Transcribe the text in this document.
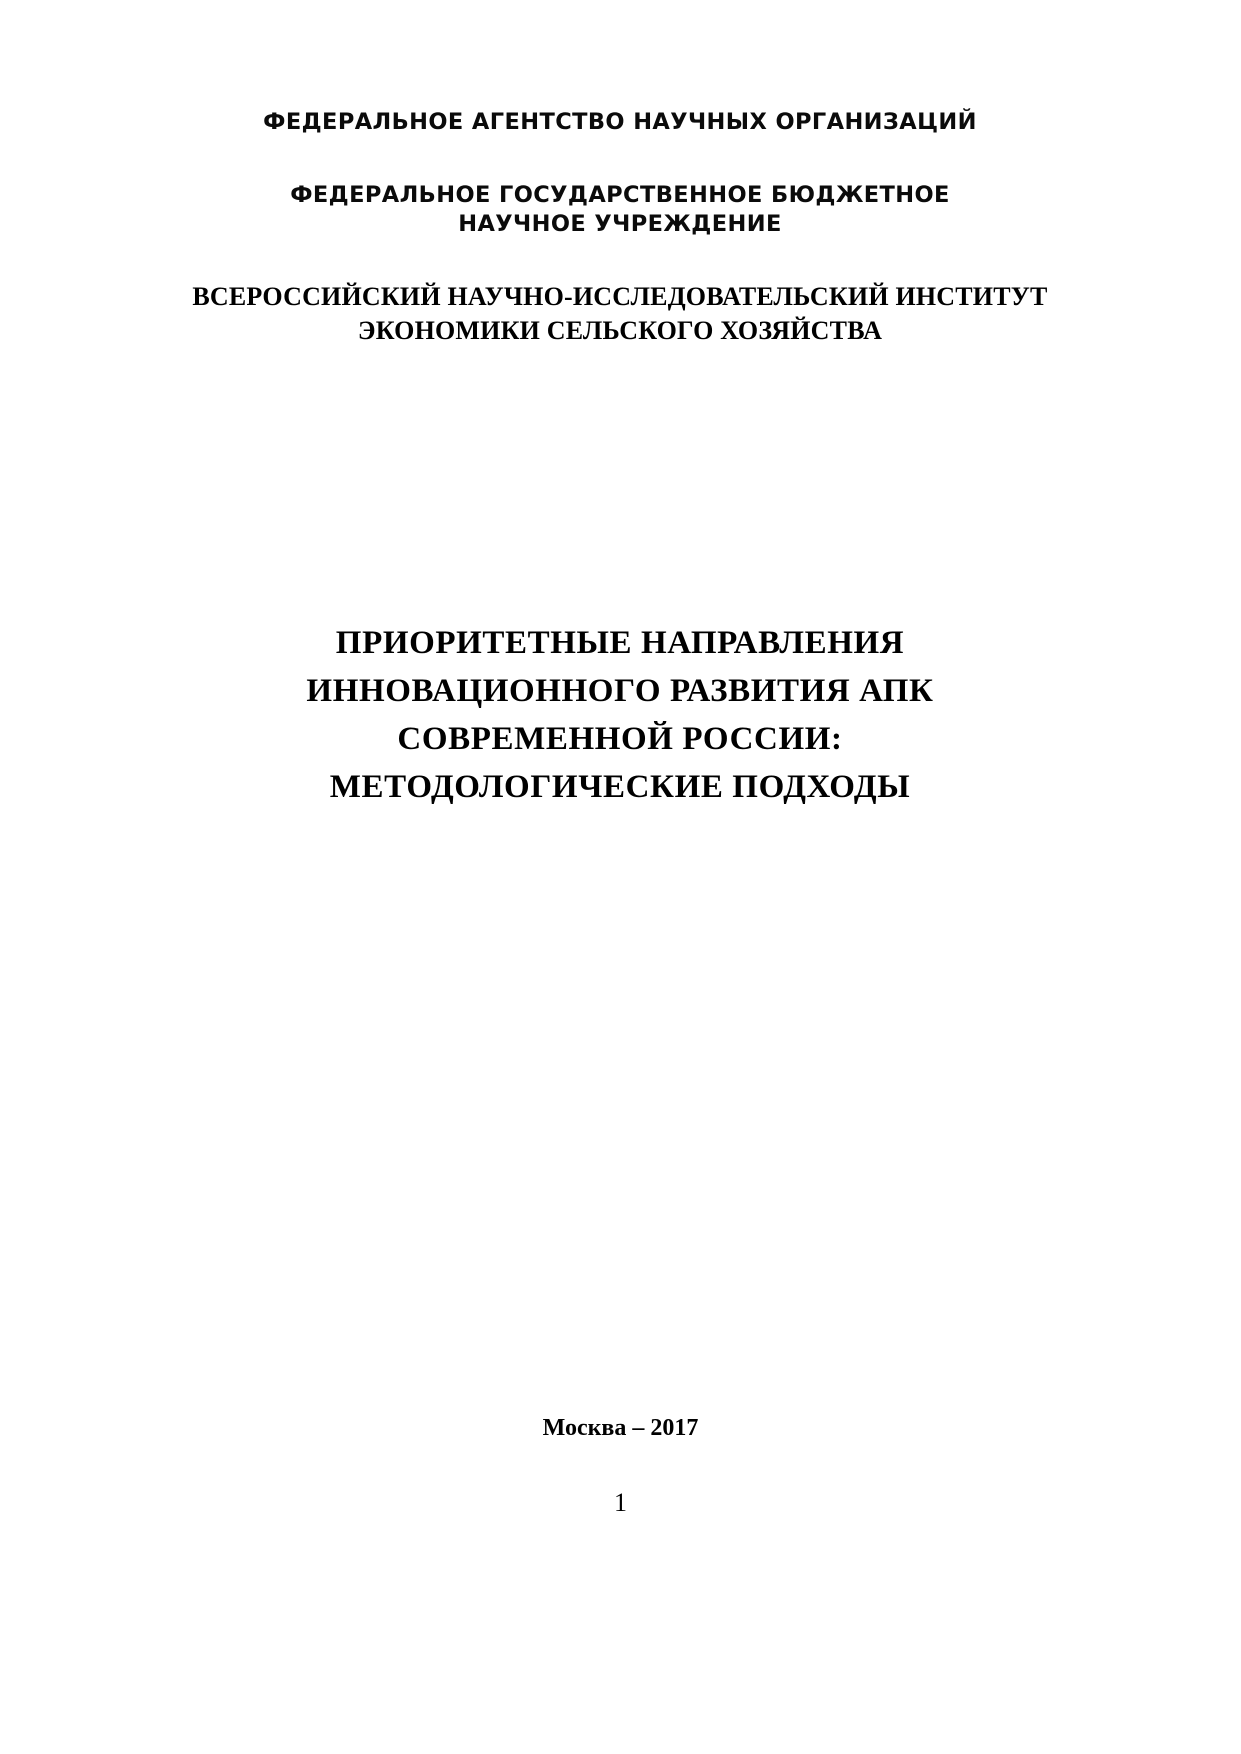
ФЕДЕРАЛЬНОЕ АГЕНТСТВО НАУЧНЫХ ОРГАНИЗАЦИЙ
ФЕДЕРАЛЬНОЕ ГОСУДАРСТВЕННОЕ БЮДЖЕТНОЕ
НАУЧНОЕ УЧРЕЖДЕНИЕ
ВСЕРОССИЙСКИЙ НАУЧНО-ИССЛЕДОВАТЕЛЬСКИЙ ИНСТИТУТ
ЭКОНОМИКИ СЕЛЬСКОГО ХОЗЯЙСТВА
ПРИОРИТЕТНЫЕ НАПРАВЛЕНИЯ
ИННОВАЦИОННОГО РАЗВИТИЯ АПК
СОВРЕМЕННОЙ РОССИИ:
МЕТОДОЛОГИЧЕСКИЕ ПОДХОДЫ
Москва – 2017
1
